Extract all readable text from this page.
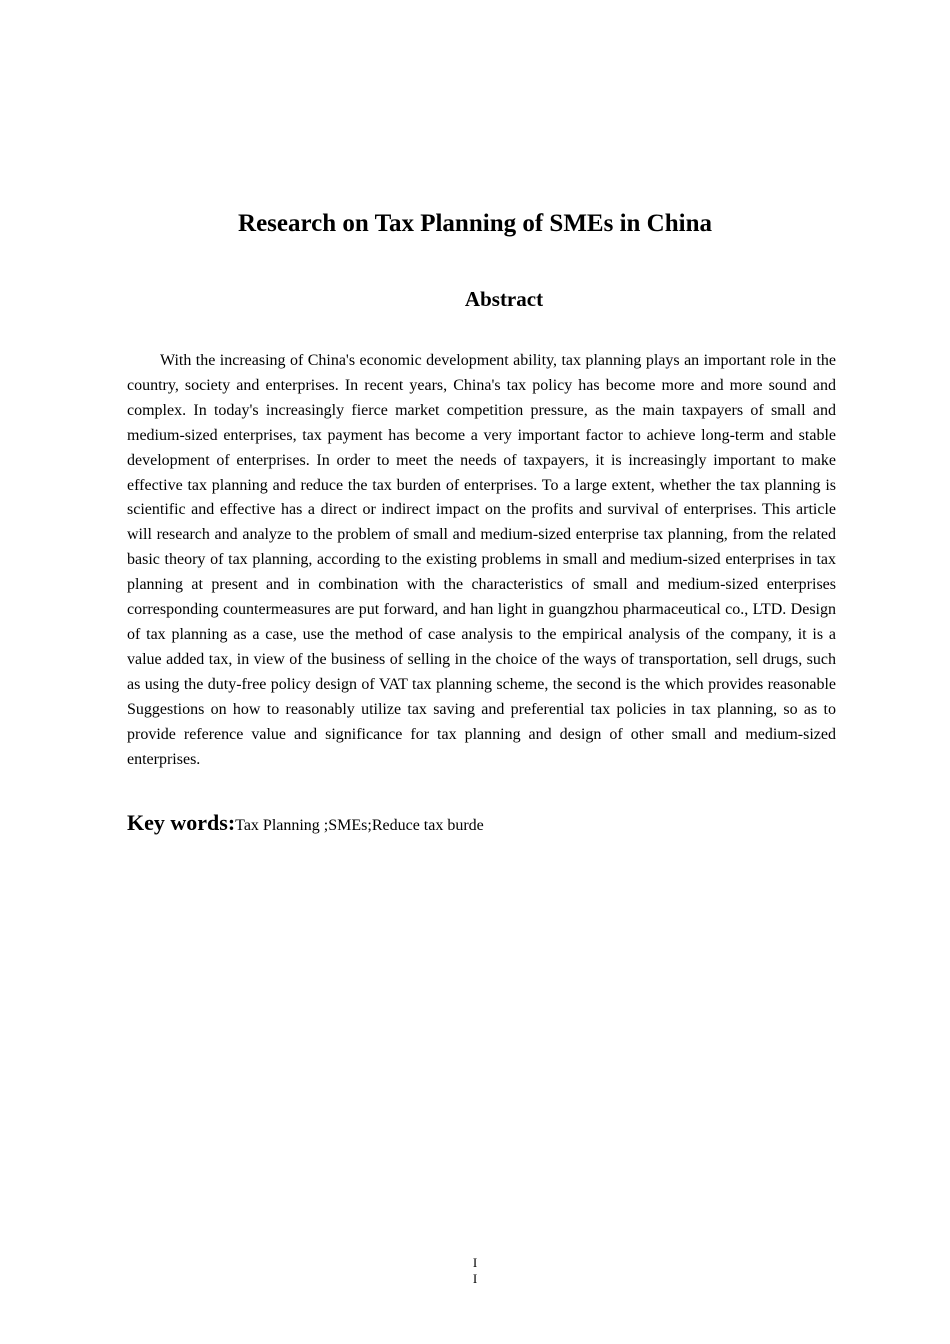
Research on Tax Planning of SMEs in China
Abstract

With the increasing of China's economic development ability, tax planning plays an important role in the country, society and enterprises. In recent years, China's tax policy has become more and more sound and complex. In today's increasingly fierce market competition pressure, as the main taxpayers of small and medium-sized enterprises, tax payment has become a very important factor to achieve long-term and stable development of enterprises. In order to meet the needs of taxpayers, it is increasingly important to make effective tax planning and reduce the tax burden of enterprises. To a large extent, whether the tax planning is scientific and effective has a direct or indirect impact on the profits and survival of enterprises. This article will research and analyze to the problem of small and medium-sized enterprise tax planning, from the related basic theory of tax planning, according to the existing problems in small and medium-sized enterprises in tax planning at present and in combination with the characteristics of small and medium-sized enterprises corresponding countermeasures are put forward, and han light in guangzhou pharmaceutical co., LTD. Design of tax planning as a case, use the method of case analysis to the empirical analysis of the company, it is a value added tax, in view of the business of selling in the choice of the ways of transportation, sell drugs, such as using the duty-free policy design of VAT tax planning scheme, the second is the which provides reasonable Suggestions on how to reasonably utilize tax saving and preferential tax policies in tax planning, so as to provide reference value and significance for tax planning and design of other small and medium-sized enterprises.

Key words:Tax Planning ;SMEs;Reduce tax burde

I
I
